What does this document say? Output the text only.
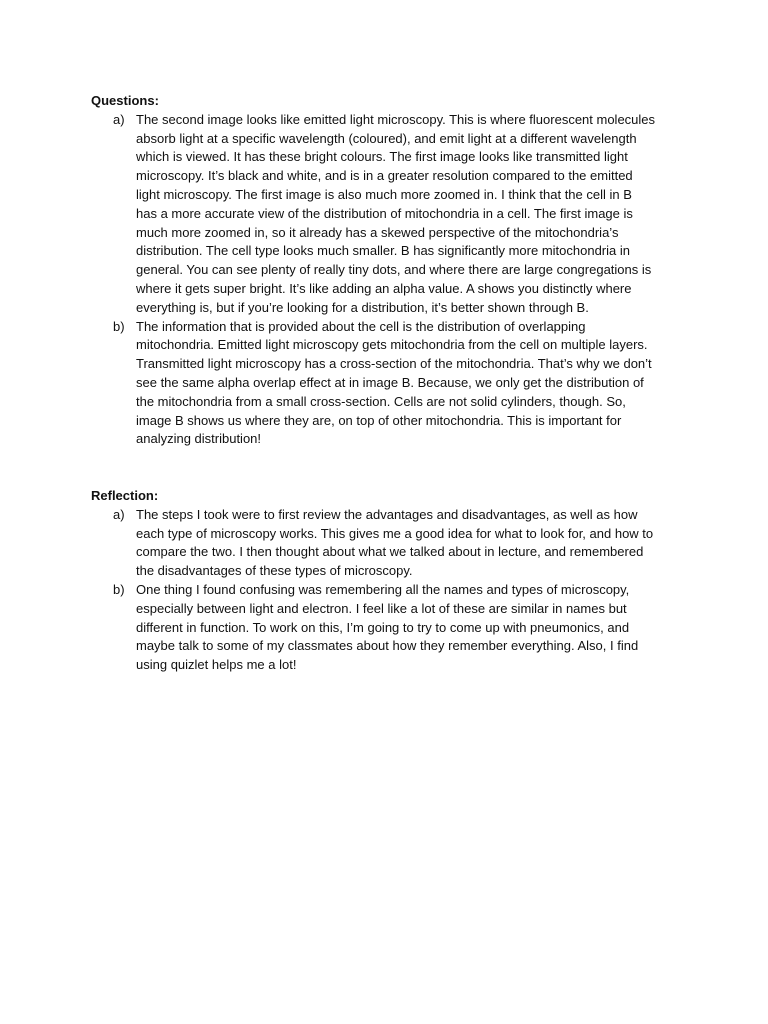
Questions:

a) The second image looks like emitted light microscopy. This is where fluorescent molecules absorb light at a specific wavelength (coloured), and emit light at a different wavelength which is viewed. It has these bright colours. The first image looks like transmitted light microscopy. It’s black and white, and is in a greater resolution compared to the emitted light microscopy. The first image is also much more zoomed in. I think that the cell in B has a more accurate view of the distribution of mitochondria in a cell. The first image is much more zoomed in, so it already has a skewed perspective of the mitochondria’s distribution. The cell type looks much smaller. B has significantly more mitochondria in general. You can see plenty of really tiny dots, and where there are large congregations is where it gets super bright. It’s like adding an alpha value. A shows you distinctly where everything is, but if you’re looking for a distribution, it’s better shown through B.
b) The information that is provided about the cell is the distribution of overlapping mitochondria. Emitted light microscopy gets mitochondria from the cell on multiple layers. Transmitted light microscopy has a cross-section of the mitochondria. That’s why we don’t see the same alpha overlap effect at in image B. Because, we only get the distribution of the mitochondria from a small cross-section. Cells are not solid cylinders, though. So, image B shows us where they are, on top of other mitochondria. This is important for analyzing distribution!

Reflection:

a) The steps I took were to first review the advantages and disadvantages, as well as how each type of microscopy works. This gives me a good idea for what to look for, and how to compare the two. I then thought about what we talked about in lecture, and remembered the disadvantages of these types of microscopy.
b) One thing I found confusing was remembering all the names and types of microscopy, especially between light and electron. I feel like a lot of these are similar in names but different in function. To work on this, I’m going to try to come up with pneumonics, and maybe talk to some of my classmates about how they remember everything. Also, I find using quizlet helps me a lot!
